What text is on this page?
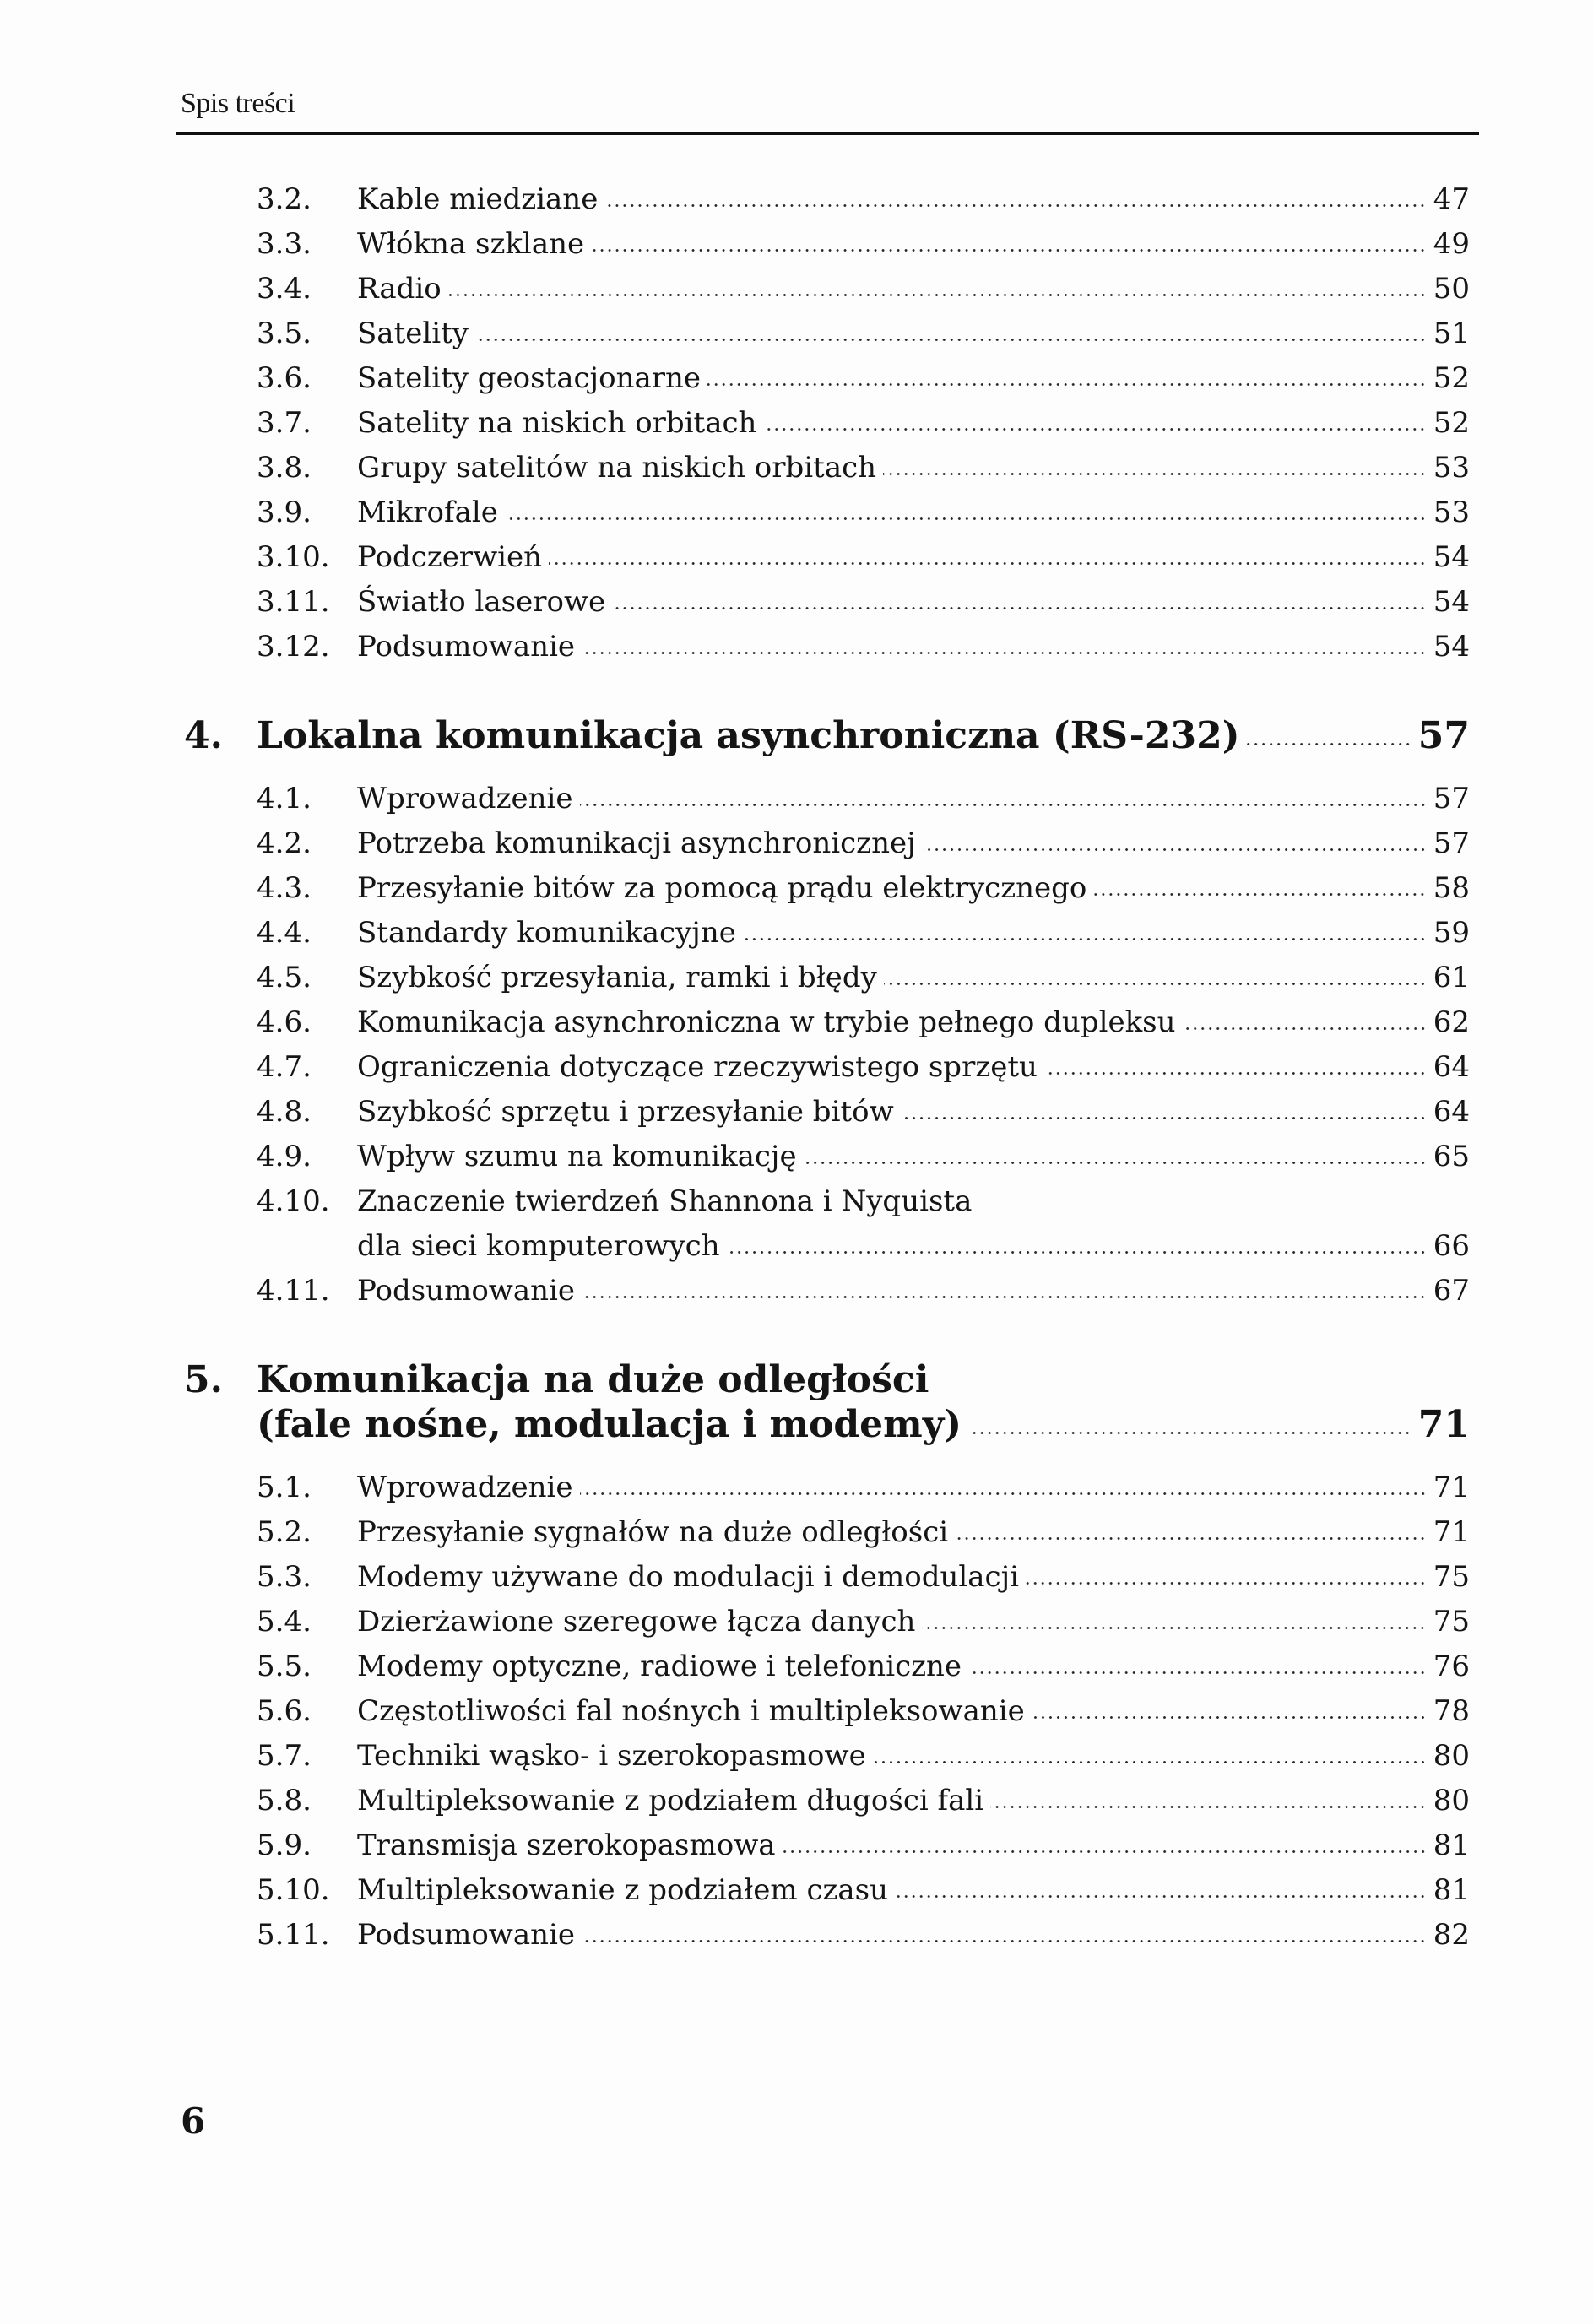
Spis treści
3.2. Kable miedziane	47
3.3. Włókna szklane	49
3.4. Radio	50
3.5. Satelity	51
3.6. Satelity geostacjonarne	52
3.7. Satelity na niskich orbitach	52
3.8. Grupy satelitów na niskich orbitach	53
3.9. Mikrofale	53
3.10. Podczerwień	54
3.11. Światło laserowe	54
3.12. Podsumowanie	54
4. Lokalna komunikacja asynchroniczna (RS-232)	57
4.1. Wprowadzenie	57
4.2. Potrzeba komunikacji asynchronicznej	57
4.3. Przesyłanie bitów za pomocą prądu elektrycznego	58
4.4. Standardy komunikacyjne	59
4.5. Szybkość przesyłania, ramki i błędy	61
4.6. Komunikacja asynchroniczna w trybie pełnego dupleksu	62
4.7. Ograniczenia dotyczące rzeczywistego sprzętu	64
4.8. Szybkość sprzętu i przesyłanie bitów	64
4.9. Wpływ szumu na komunikację	65
4.10. Znaczenie twierdzeń Shannona i Nyquista
dla sieci komputerowych	66
4.11. Podsumowanie	67
5. Komunikacja na duże odległości
(fale nośne, modulacja i modemy)	71
5.1. Wprowadzenie	71
5.2. Przesyłanie sygnałów na duże odległości	71
5.3. Modemy używane do modulacji i demodulacji	75
5.4. Dzierżawione szeregowe łącza danych	75
5.5. Modemy optyczne, radiowe i telefoniczne	76
5.6. Częstotliwości fal nośnych i multipleksowanie	78
5.7. Techniki wąsko- i szerokopasmowe	80
5.8. Multipleksowanie z podziałem długości fali	80
5.9. Transmisja szerokopasmowa	81
5.10. Multipleksowanie z podziałem czasu	81
5.11. Podsumowanie	82
6
